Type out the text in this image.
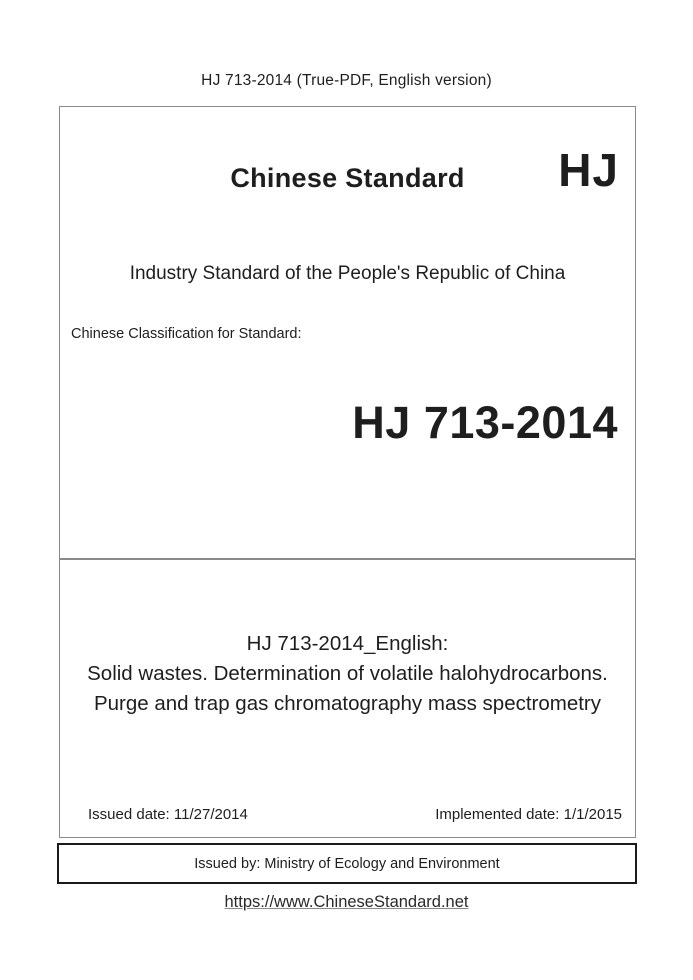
HJ 713-2014 (True-PDF, English version)
Chinese Standard	HJ
Industry Standard of the People's Republic of China
Chinese Classification for Standard:
HJ 713-2014
HJ 713-2014_English:
Solid wastes. Determination of volatile halohydrocarbons.
Purge and trap gas chromatography mass spectrometry
Issued date: 11/27/2014	Implemented date: 1/1/2015
Issued by: Ministry of Ecology and Environment
https://www.ChineseStandard.net
